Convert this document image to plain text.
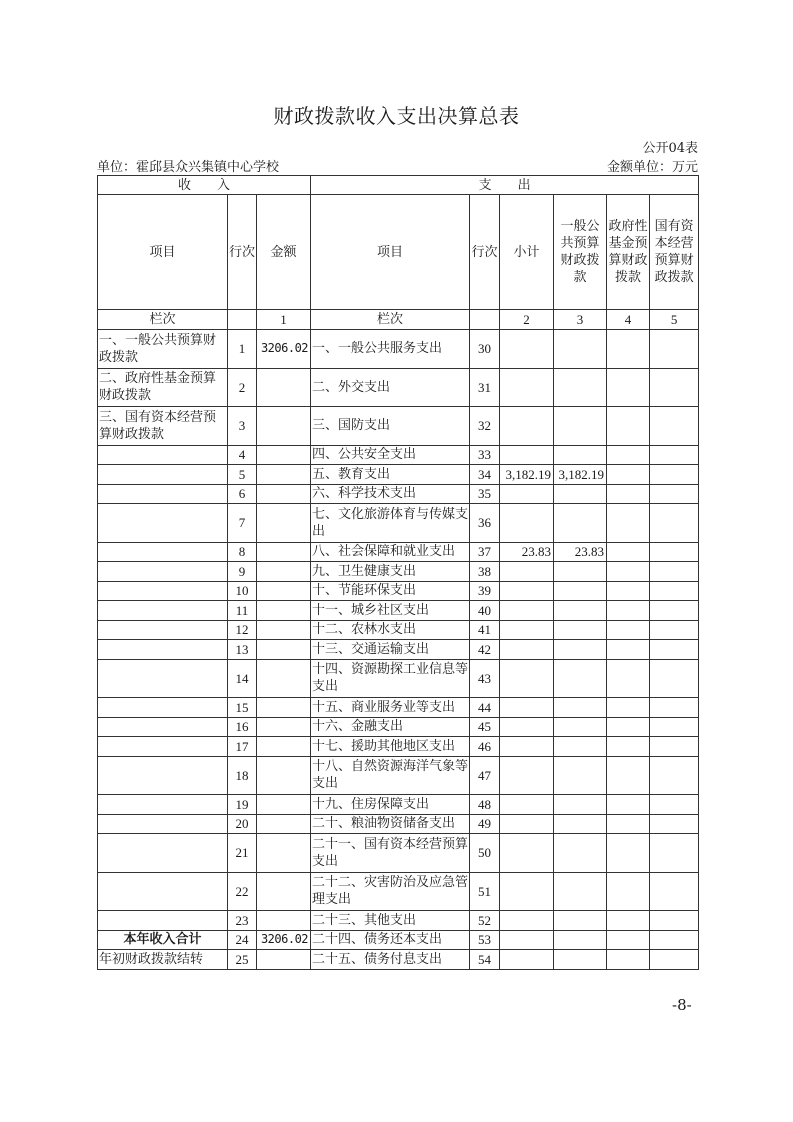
财政拨款收入支出决算总表
公开04表
单位：霍邱县众兴集镇中心学校	金额单位：万元
收　　入			支　　出					
项目	行次	金额	项目	行次	小计	一般公共预算财政拨款	政府性基金预算财政拨款	国有资本经营预算财政拨款
栏次		1	栏次		2	3	4	5
一、一般公共预算财政拨款	1	3206.02	一、一般公共服务支出	30				
二、政府性基金预算财政拨款	2		二、外交支出	31				
三、国有资本经营预算财政拨款	3		三、国防支出	32				
	4		四、公共安全支出	33				
	5		五、教育支出	34	3,182.19	3,182.19		
	6		六、科学技术支出	35				
	7		七、文化旅游体育与传媒支出	36				
	8		八、社会保障和就业支出	37	23.83	23.83		
	9		九、卫生健康支出	38				
	10		十、节能环保支出	39				
	11		十一、城乡社区支出	40				
	12		十二、农林水支出	41				
	13		十三、交通运输支出	42				
	14		十四、资源勘探工业信息等支出	43				
	15		十五、商业服务业等支出	44				
	16		十六、金融支出	45				
	17		十七、援助其他地区支出	46				
	18		十八、自然资源海洋气象等支出	47				
	19		十九、住房保障支出	48				
	20		二十、粮油物资储备支出	49				
	21		二十一、国有资本经营预算支出	50				
	22		二十二、灾害防治及应急管理支出	51				
	23		二十三、其他支出	52				
本年收入合计	24	3206.02	二十四、债务还本支出	53				
年初财政拨款结转	25		二十五、债务付息支出	54				
-8-
